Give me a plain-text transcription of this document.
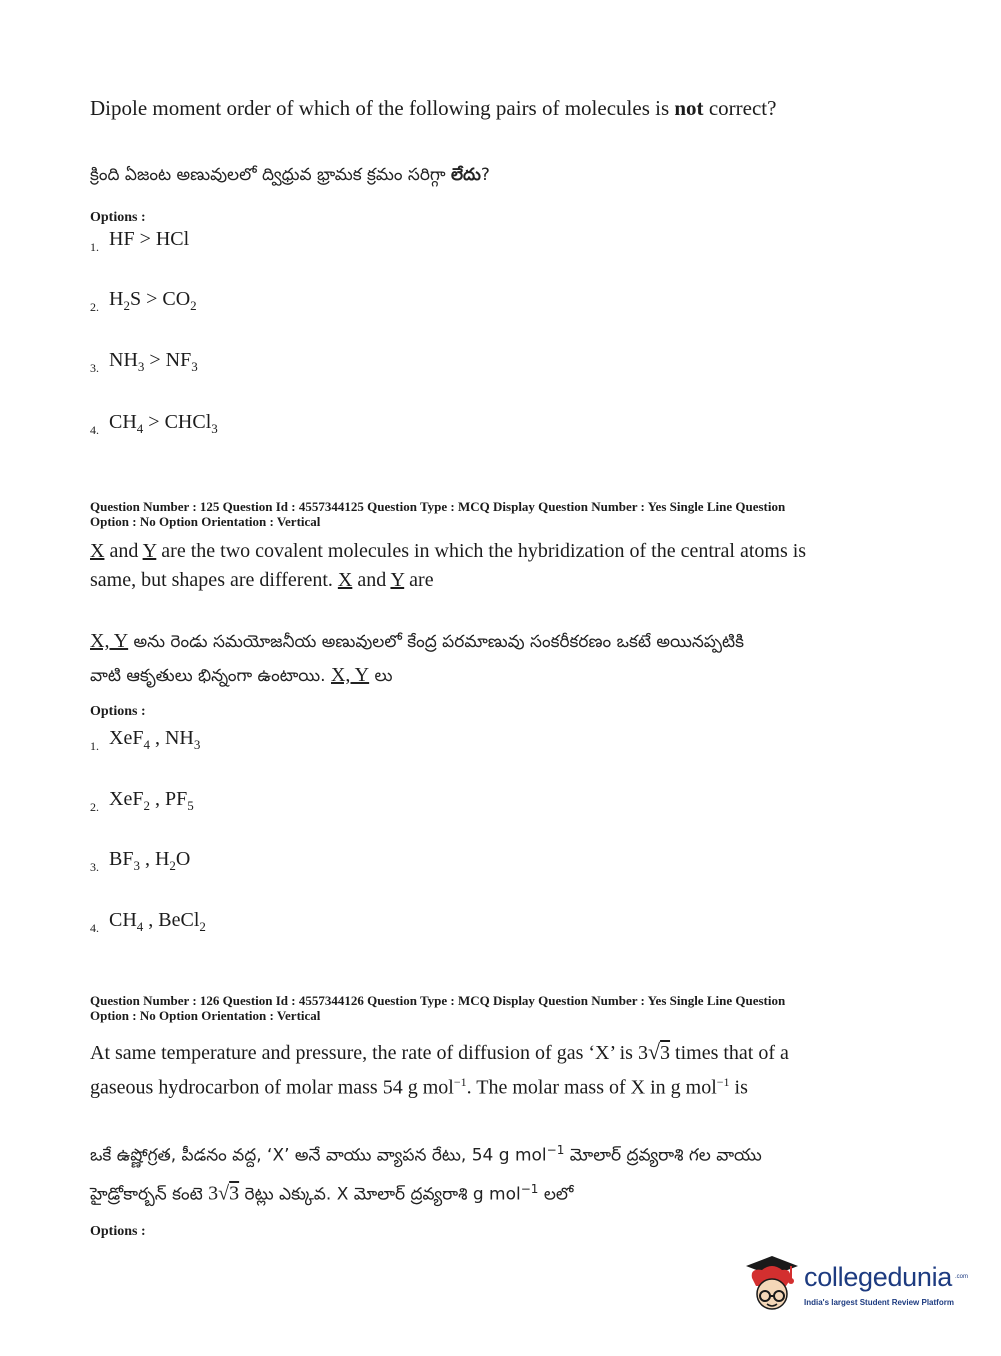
Dipole moment order of which of the following pairs of molecules is not correct?
క్రింది ఏజంట అణువులలో ద్విధ్రువ భ్రామక క్రమం సరిగ్గా లేదు?
Options :
1. HF > HCl
2. $H_2S > CO_2$
3. $NH_3 > NF_3$
4. $CH_4$ > CHCl$_3$
Question Number : 125 Question Id : 4557344125 Question Type : MCQ Display Question Number : Yes Single Line Question
Option : No Option Orientation : Vertical
X and Y are the two covalent molecules in which the hybridization of the central atoms is
same, but shapes are different. X and Y are
X, Y అను రెండు సమయోజనీయ అణువులలో కేంద్ర పరమాణువు సంకరీకరణం ఒకటే అయినప్పటికి
వాటి ఆకృతులు భిన్నంగా ఉంటాయి. X, Y లు
Options :
1. XeF$_4$ , $NH_3$
2. XeF$_2$ , $PF_5$
3. $BF_3$ , $H_2O$
4. $CH_4$ , BeCl$_2$
Question Number : 126 Question Id : 4557344126 Question Type : MCQ Display Question Number : Yes Single Line Question
Option : No Option Orientation : Vertical
At same temperature and pressure, the rate of diffusion of gas ‘X’ is 3√3 times that of a
gaseous hydrocarbon of molar mass 54 g mol$^{-1}$. The molar mass of X in g mol$^{-1}$ is
ఒకే ఉష్ణోగ్రత, పీడనం వద్ద, ‘X’ అనే వాయు వ్యాపన రేటు, 54 g mol$^{-1}$ మోలార్ ద్రవ్యరాశి గల వాయు
హైడ్రోకార్బన్ కంటె 3√3 రెట్లు ఎక్కువ. X మోలార్ ద్రవ్యరాశి g mol$^{-1}$ లలో
Options :
collegedunia .com
India's largest Student Review Platform
